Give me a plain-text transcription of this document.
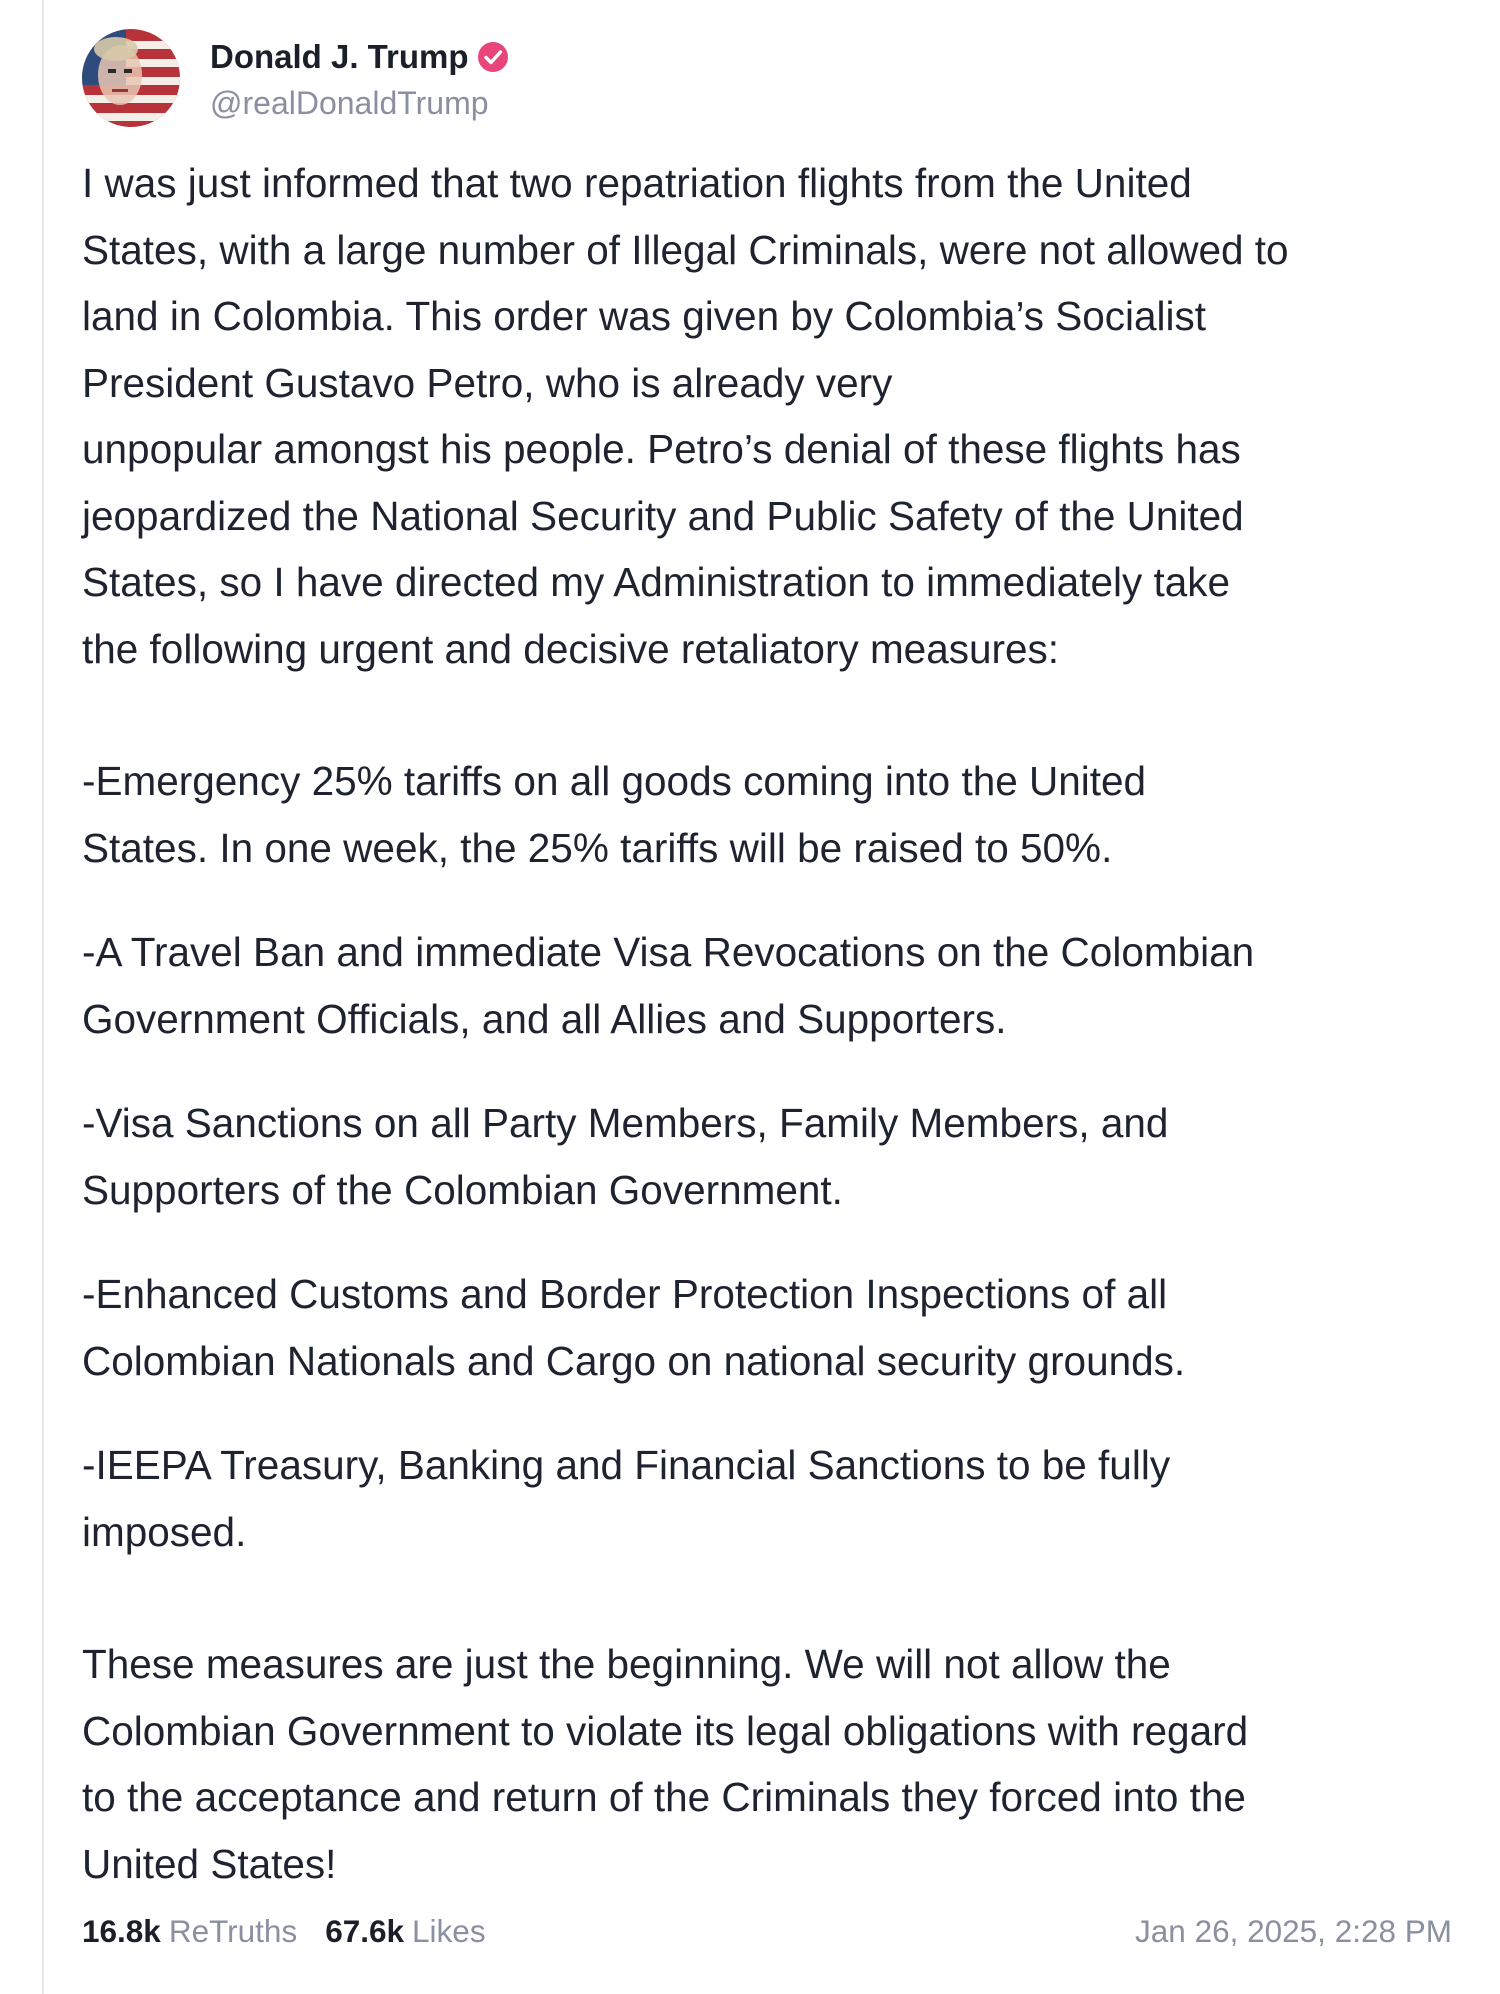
Donald J. Trump
@realDonaldTrump
I was just informed that two repatriation flights from the United
States, with a large number of Illegal Criminals, were not allowed to
land in Colombia. This order was given by Colombia’s Socialist
President Gustavo Petro, who is already very
unpopular amongst his people. Petro’s denial of these flights has
jeopardized the National Security and Public Safety of the United
States, so I have directed my Administration to immediately take
the following urgent and decisive retaliatory measures:
-Emergency 25% tariffs on all goods coming into the United
States. In one week, the 25% tariffs will be raised to 50%.
-A Travel Ban and immediate Visa Revocations on the Colombian
Government Officials, and all Allies and Supporters.
-Visa Sanctions on all Party Members, Family Members, and
Supporters of the Colombian Government.
-Enhanced Customs and Border Protection Inspections of all
Colombian Nationals and Cargo on national security grounds.
-IEEPA Treasury, Banking and Financial Sanctions to be fully
imposed.
These measures are just the beginning. We will not allow the
Colombian Government to violate its legal obligations with regard
to the acceptance and return of the Criminals they forced into the
United States!
16.8k ReTruths 67.6k Likes	Jan 26, 2025, 2:28 PM
